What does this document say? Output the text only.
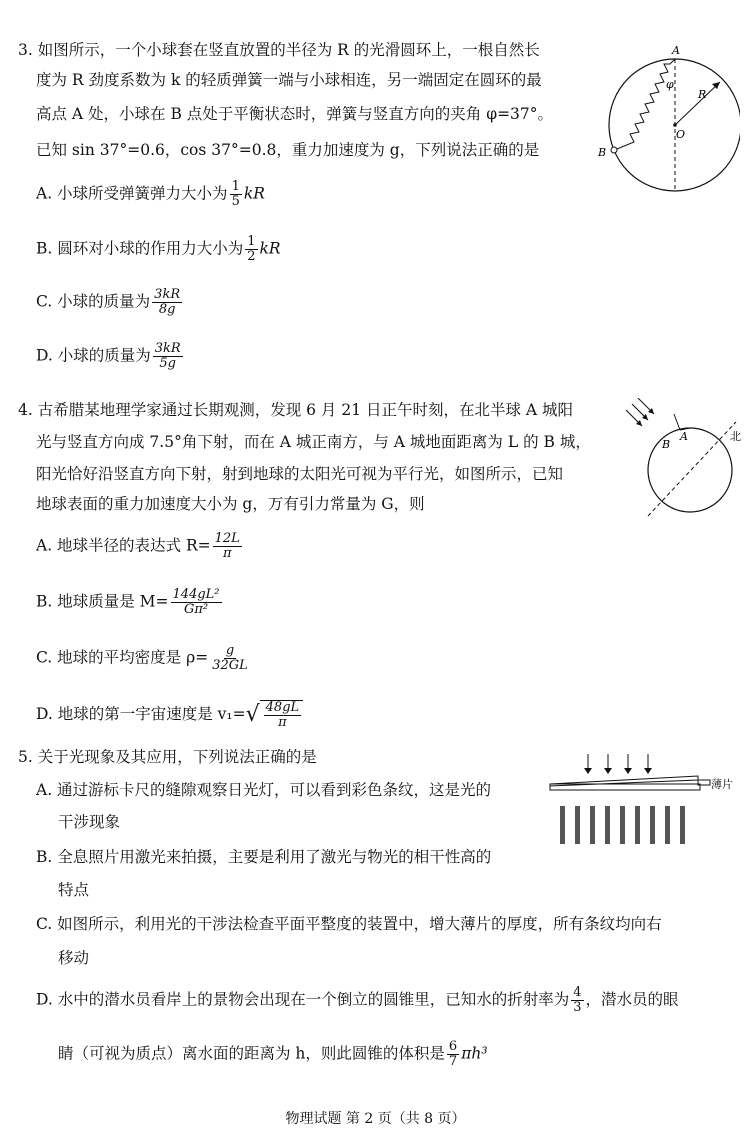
3. 如图所示，一个小球套在竖直放置的半径为 R 的光滑圆环上，一根自然长
度为 R 劲度系数为 k 的轻质弹簧一端与小球相连，另一端固定在圆环的最
高点 A 处，小球在 B 点处于平衡状态时，弹簧与竖直方向的夹角 φ=37°。
已知 sin 37°=0.6，cos 37°=0.8，重力加速度为 g，下列说法正确的是
A. 小球所受弹簧弹力大小为 $\frac{1}{5}$ kR
B. 圆环对小球的作用力大小为 $\frac{1}{2}$ kR
C. 小球的质量为 $\frac{3kR}{8g}$
D. 小球的质量为 $\frac{3kR}{5g}$
A
φ
R
O
B
4. 古希腊某地理学家通过长期观测，发现 6 月 21 日正午时刻，在北半球 A 城阳
光与竖直方向成 7.5°角下射，而在 A 城正南方，与 A 城地面距离为 L 的 B 城，
阳光恰好沿竖直方向下射，射到地球的太阳光可视为平行光，如图所示，已知
地球表面的重力加速度大小为 g，万有引力常量为 G，则
A. 地球半径的表达式 $R= \frac{12L}{\pi}$
B. 地球质量是 $M= \frac{\text{144gL²}}{\text{Gπ²}}$
C. 地球的平均密度是 $\rho= \frac{g}{32GL}$
D. 地球的第一宇宙速度是 v₁= √ $\frac{48gL}{\pi}$
B
A	北
5. 关于光现象及其应用，下列说法正确的是
A. 通过游标卡尺的缝隙观察日光灯，可以看到彩色条纹，这是光的
干涉现象
B. 全息照片用激光来拍摄，主要是利用了激光与物光的相干性高的
特点
C. 如图所示，利用光的干涉法检查平面平整度的装置中，增大薄片的厚度，所有条纹均向右
移动
D. 水中的潜水员看岸上的景物会出现在一个倒立的圆锥里，已知水的折射率为 $\frac{4}{3}$ ，潜水员的眼
睛（可视为质点）离水面的距离为 h，则此圆锥的体积是 $\frac{6}{7} \pi h^3$
薄片
物理试题 第 2 页（共 8 页）
